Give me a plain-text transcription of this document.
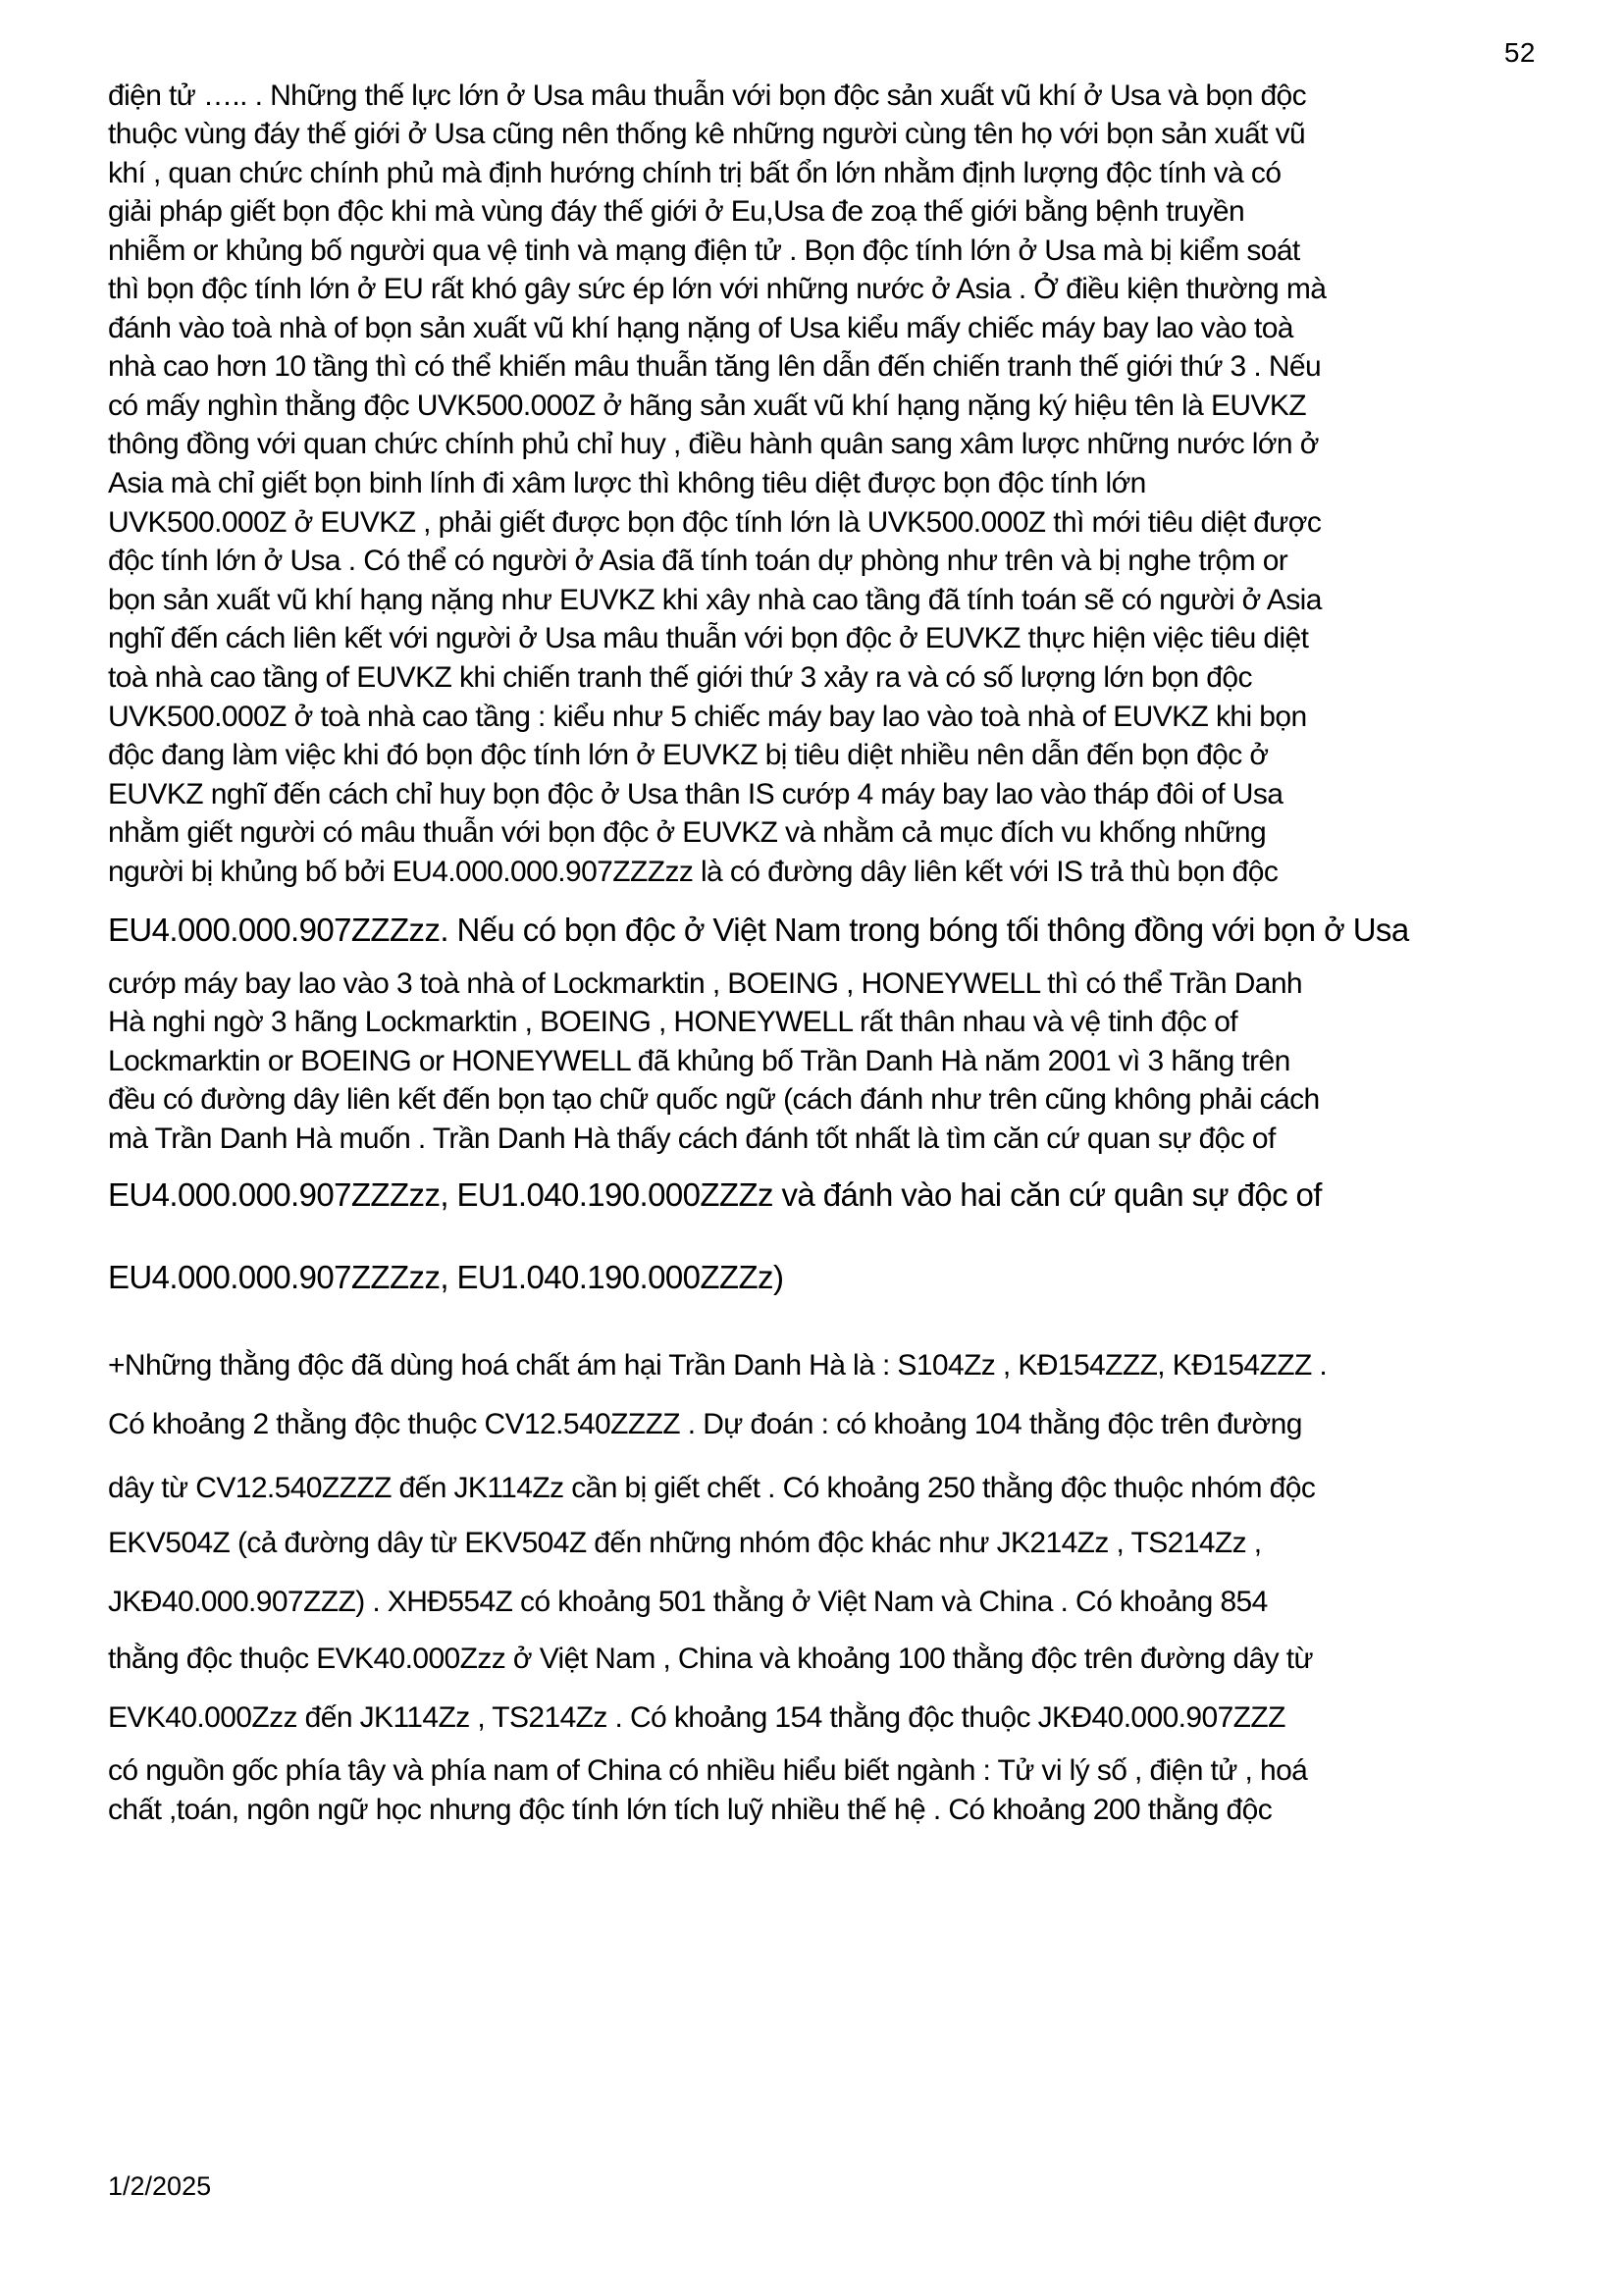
52
điện tử ….. . Những thế lực lớn ở Usa mâu thuẫn với bọn độc sản xuất vũ khí ở Usa và bọn độc
thuộc vùng đáy thế giới ở Usa cũng nên thống kê những người cùng tên họ với bọn sản xuất vũ
khí , quan chức chính phủ mà định hướng chính trị bất ổn lớn nhằm định lượng độc tính và có
giải pháp giết bọn độc khi mà vùng đáy thế giới ở Eu,Usa đe zoạ thế giới bằng bệnh truyền
nhiễm or khủng bố người qua vệ tinh và mạng điện tử . Bọn độc tính lớn ở Usa mà bị kiểm soát
thì bọn độc tính lớn ở EU rất khó gây sức ép lớn với những nước ở Asia . Ở điều kiện thường mà
đánh vào toà nhà of bọn sản xuất vũ khí hạng nặng of Usa kiểu mấy chiếc máy bay lao vào toà
nhà cao hơn 10 tầng thì có thể khiến mâu thuẫn tăng lên dẫn đến chiến tranh thế giới thứ 3 . Nếu
có mấy nghìn thằng độc UVK500.000Z ở hãng sản xuất vũ khí hạng nặng ký hiệu tên là EUVKZ
thông đồng với quan chức chính phủ chỉ huy , điều hành quân sang xâm lược những nước lớn ở
Asia mà chỉ giết bọn binh lính đi xâm lược thì không tiêu diệt được bọn độc tính lớn
UVK500.000Z ở EUVKZ , phải giết được bọn độc tính lớn là UVK500.000Z thì mới tiêu diệt được
độc tính lớn ở Usa . Có thể có người ở Asia đã tính toán dự phòng như trên và bị nghe trộm or
bọn sản xuất vũ khí hạng nặng như EUVKZ khi xây nhà cao tầng đã tính toán sẽ có người ở Asia
nghĩ đến cách liên kết với người ở Usa mâu thuẫn với bọn độc ở EUVKZ thực hiện việc tiêu diệt
toà nhà cao tầng of EUVKZ khi chiến tranh thế giới thứ 3 xảy ra và có số lượng lớn bọn độc
UVK500.000Z ở toà nhà cao tầng : kiểu như 5 chiếc máy bay lao vào toà nhà of EUVKZ khi bọn
độc đang làm việc khi đó bọn độc tính lớn ở EUVKZ bị tiêu diệt nhiều nên dẫn đến bọn độc ở
EUVKZ nghĩ đến cách chỉ huy bọn độc ở Usa thân IS cướp 4 máy bay lao vào tháp đôi of Usa
nhằm giết người có mâu thuẫn với bọn độc ở EUVKZ và nhằm cả mục đích vu khống những
người bị khủng bố bởi EU4.000.000.907ZZZzz là có đường dây liên kết với IS trả thù bọn độc
EU4.000.000.907ZZZzz. Nếu có bọn độc ở Việt Nam trong bóng tối thông đồng với bọn ở Usa
cướp máy bay lao vào 3 toà nhà of Lockmarktin , BOEING , HONEYWELL thì có thể Trần Danh
Hà nghi ngờ 3 hãng Lockmarktin , BOEING , HONEYWELL rất thân nhau và vệ tinh độc of
Lockmarktin or BOEING or HONEYWELL đã khủng bố Trần Danh Hà năm 2001 vì 3 hãng trên
đều có đường dây liên kết đến bọn tạo chữ quốc ngữ (cách đánh như trên cũng không phải cách
mà Trần Danh Hà muốn . Trần Danh Hà thấy cách đánh tốt nhất là tìm căn cứ quan sự độc of
EU4.000.000.907ZZZzz, EU1.040.190.000ZZZz và đánh vào hai căn cứ quân sự độc of
EU4.000.000.907ZZZzz, EU1.040.190.000ZZZz)
+Những thằng độc đã dùng hoá chất ám hại Trần Danh Hà là : S104Zz , KĐ154ZZZ, KĐ154ZZZ .
Có khoảng 2 thằng độc thuộc CV12.540ZZZZ . Dự đoán : có khoảng 104 thằng độc trên đường
dây từ CV12.540ZZZZ đến JK114Zz cần bị giết chết . Có khoảng 250 thằng độc thuộc nhóm độc
EKV504Z (cả đường dây từ EKV504Z đến những nhóm độc khác như JK214Zz , TS214Zz ,
JKĐ40.000.907ZZZ) . XHĐ554Z có khoảng 501 thằng ở Việt Nam và China . Có khoảng 854
thằng độc thuộc EVK40.000Zzz ở Việt Nam , China và khoảng 100 thằng độc trên đường dây từ
EVK40.000Zzz đến JK114Zz , TS214Zz . Có khoảng 154 thằng độc thuộc JKĐ40.000.907ZZZ
có nguồn gốc phía tây và phía nam of China có nhiều hiểu biết ngành : Tử vi lý số , điện tử , hoá
chất ,toán, ngôn ngữ học nhưng độc tính lớn tích luỹ nhiều thế hệ . Có khoảng 200 thằng độc
1/2/2025
